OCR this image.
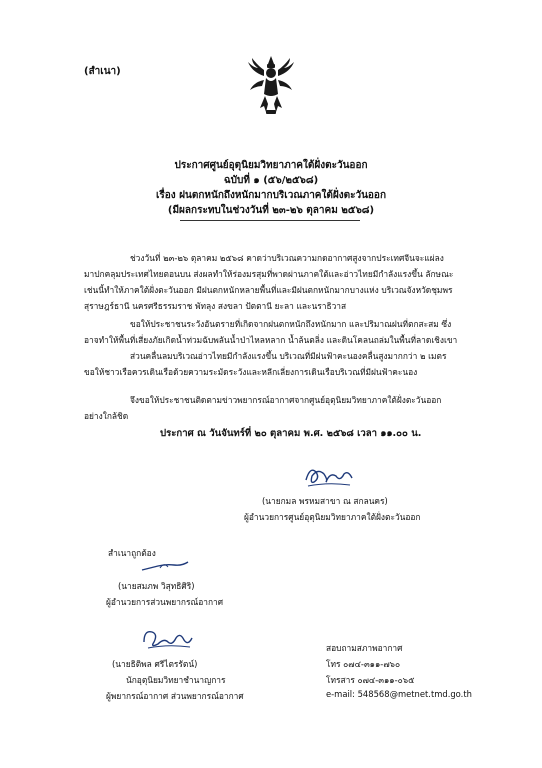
(สำเนา)
ประกาศศูนย์อุตุนิยมวิทยาภาคใต้ฝั่งตะวันออก
ฉบับที่ ๑ (๕๖/๒๕๖๘)
เรื่อง ฝนตกหนักถึงหนักมากบริเวณภาคใต้ฝั่งตะวันออก
(มีผลกระทบในช่วงวันที่ ๒๓-๒๖ ตุลาคม ๒๕๖๘)
ช่วงวันที่ ๒๓-๒๖ ตุลาคม ๒๕๖๘ คาดว่าบริเวณความกดอากาศสูงจากประเทศจีนจะแผ่ลง
มาปกคลุมประเทศไทยตอนบน ส่งผลทำให้ร่องมรสุมที่พาดผ่านภาคใต้และอ่าวไทยมีกำลังแรงขึ้น ลักษณะ
เช่นนี้ทำให้ภาคใต้ฝั่งตะวันออก มีฝนตกหนักหลายพื้นที่และมีฝนตกหนักมากบางแห่ง บริเวณจังหวัดชุมพร
สุราษฎร์ธานี นครศรีธรรมราช พัทลุง สงขลา ปัตตานี ยะลา และนราธิวาส
ขอให้ประชาชนระวังอันตรายที่เกิดจากฝนตกหนักถึงหนักมาก และปริมาณฝนที่ตกสะสม ซึ่ง
อาจทำให้พื้นที่เสี่ยงภัยเกิดน้ำท่วมฉับพลันน้ำป่าไหลหลาก น้ำล้นตลิ่ง และดินโคลนถล่มในพื้นที่ลาดเชิงเขา
ส่วนคลื่นลมบริเวณอ่าวไทยมีกำลังแรงขึ้น บริเวณที่มีฝนฟ้าคะนองคลื่นสูงมากกว่า ๒ เมตร
ขอให้ชาวเรือควรเดินเรือด้วยความระมัดระวังและหลีกเลี่ยงการเดินเรือบริเวณที่มีฝนฟ้าคะนอง
จึงขอให้ประชาชนติดตามข่าวพยากรณ์อากาศจากศูนย์อุตุนิยมวิทยาภาคใต้ฝั่งตะวันออก
อย่างใกล้ชิด
ประกาศ ณ วันจันทร์ที่ ๒๐ ตุลาคม พ.ศ. ๒๕๖๘ เวลา ๑๑.๐๐ น.
(นายกมล พรหมสาขา ณ สกลนคร)
ผู้อำนวยการศูนย์อุตุนิยมวิทยาภาคใต้ฝั่งตะวันออก
สำเนาถูกต้อง
(นายสมภพ วิสุทธิศิริ)
ผู้อำนวยการส่วนพยากรณ์อากาศ
(นายธิติพล ศรีไตรรัตน์)
นักอุตุนิยมวิทยาชำนาญการ
ผู้พยากรณ์อากาศ ส่วนพยากรณ์อากาศ
สอบถามสภาพอากาศ
โทร ๐๗๔-๓๑๑-๗๖๐
โทรสาร ๐๗๔-๓๑๑-๐๖๕
e-mail: 548568@metnet.tmd.go.th
